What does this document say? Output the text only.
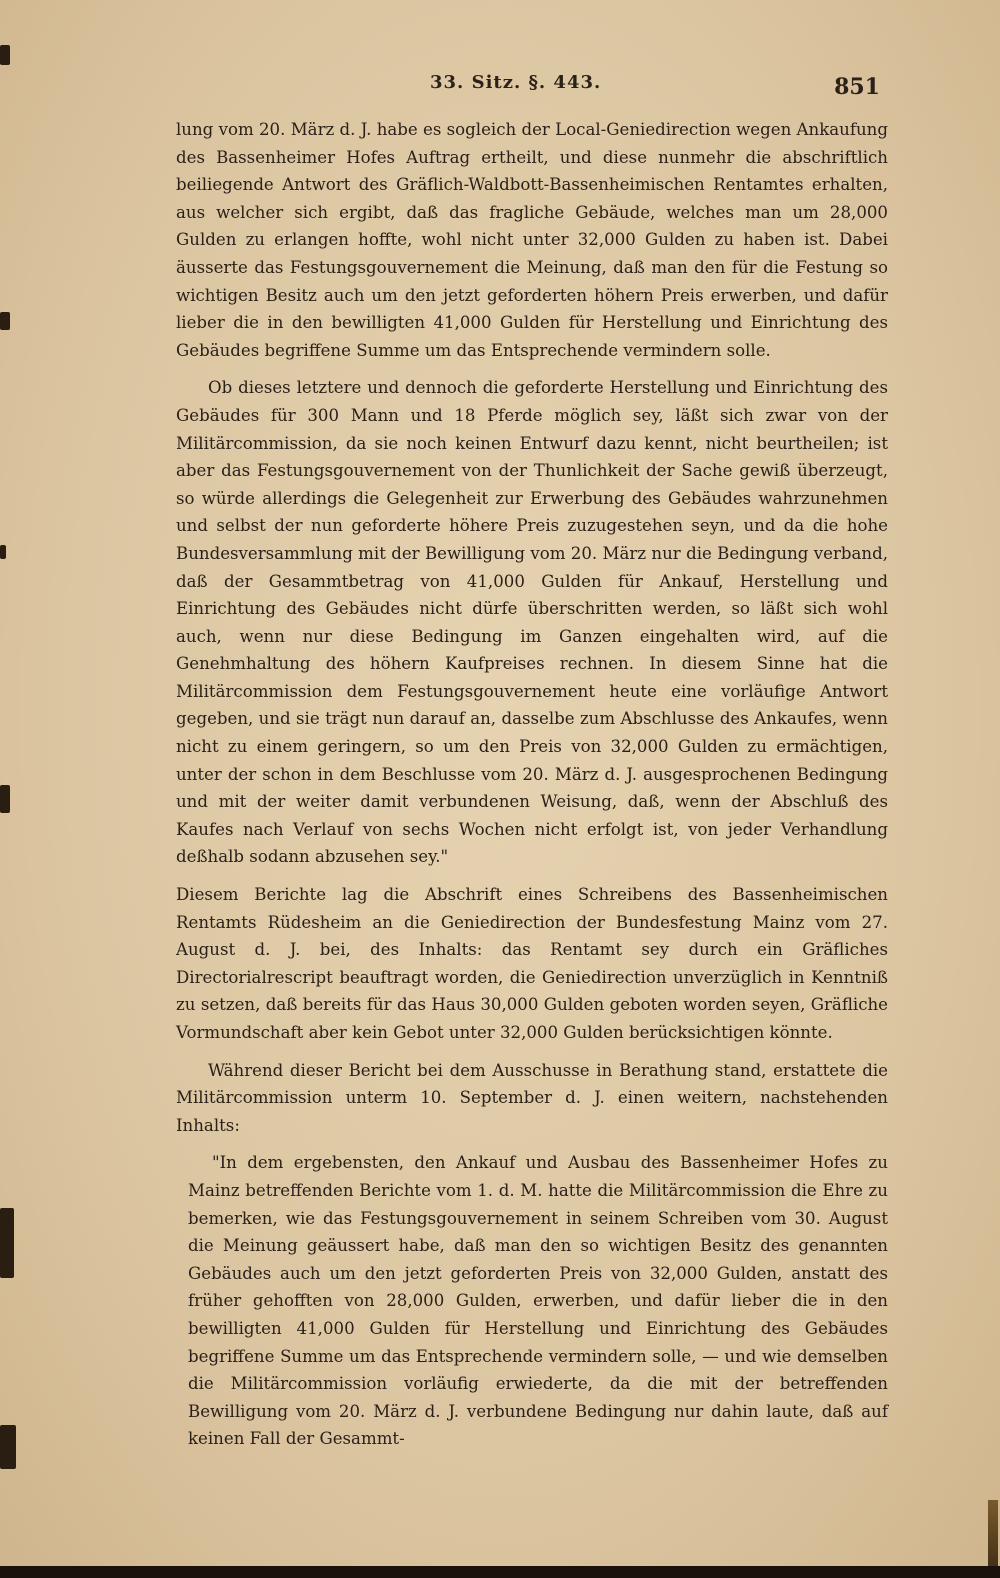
33. Sitz. §. 443.	851

lung vom 20. März d. J. habe es sogleich der Local-Geniedirection wegen Ankaufung des Bassenheimer Hofes Auftrag ertheilt, und diese nunmehr die abschriftlich beiliegende Antwort des Gräflich-Waldbott-Bassenheimischen Rentamtes erhalten, aus welcher sich ergibt, daß das fragliche Gebäude, welches man um 28,000 Gulden zu erlangen hoffte, wohl nicht unter 32,000 Gulden zu haben ist. Dabei äusserte das Festungsgouvernement die Meinung, daß man den für die Festung so wichtigen Besitz auch um den jetzt geforderten höhern Preis erwerben, und dafür lieber die in den bewilligten 41,000 Gulden für Herstellung und Einrichtung des Gebäudes begriffene Summe um das Entsprechende vermindern solle.

Ob dieses letztere und dennoch die geforderte Herstellung und Einrichtung des Gebäudes für 300 Mann und 18 Pferde möglich sey, läßt sich zwar von der Militärcommission, da sie noch keinen Entwurf dazu kennt, nicht beurtheilen; ist aber das Festungsgouvernement von der Thunlichkeit der Sache gewiß überzeugt, so würde allerdings die Gelegenheit zur Erwerbung des Gebäudes wahrzunehmen und selbst der nun geforderte höhere Preis zuzugestehen seyn, und da die hohe Bundesversammlung mit der Bewilligung vom 20. März nur die Bedingung verband, daß der Gesammtbetrag von 41,000 Gulden für Ankauf, Herstellung und Einrichtung des Gebäudes nicht dürfe überschritten werden, so läßt sich wohl auch, wenn nur diese Bedingung im Ganzen eingehalten wird, auf die Genehmhaltung des höhern Kaufpreises rechnen. In diesem Sinne hat die Militärcommission dem Festungsgouvernement heute eine vorläufige Antwort gegeben, und sie trägt nun darauf an, dasselbe zum Abschlusse des Ankaufes, wenn nicht zu einem geringern, so um den Preis von 32,000 Gulden zu ermächtigen, unter der schon in dem Beschlusse vom 20. März d. J. ausgesprochenen Bedingung und mit der weiter damit verbundenen Weisung, daß, wenn der Abschluß des Kaufes nach Verlauf von sechs Wochen nicht erfolgt ist, von jeder Verhandlung deßhalb sodann abzusehen sey."

Diesem Berichte lag die Abschrift eines Schreibens des Bassenheimischen Rentamts Rüdesheim an die Geniedirection der Bundesfestung Mainz vom 27. August d. J. bei, des Inhalts: das Rentamt sey durch ein Gräfliches Directorialrescript beauftragt worden, die Geniedirection unverzüglich in Kenntniß zu setzen, daß bereits für das Haus 30,000 Gulden geboten worden seyen, Gräfliche Vormundschaft aber kein Gebot unter 32,000 Gulden berücksichtigen könnte.

Während dieser Bericht bei dem Ausschusse in Berathung stand, erstattete die Militärcommission unterm 10. September d. J. einen weitern, nachstehenden Inhalts:

"In dem ergebensten, den Ankauf und Ausbau des Bassenheimer Hofes zu Mainz betreffenden Berichte vom 1. d. M. hatte die Militärcommission die Ehre zu bemerken, wie das Festungsgouvernement in seinem Schreiben vom 30. August die Meinung geäussert habe, daß man den so wichtigen Besitz des genannten Gebäudes auch um den jetzt geforderten Preis von 32,000 Gulden, anstatt des früher gehofften von 28,000 Gulden, erwerben, und dafür lieber die in den bewilligten 41,000 Gulden für Herstellung und Einrichtung des Gebäudes begriffene Summe um das Entsprechende vermindern solle, — und wie demselben die Militärcommission vorläufig erwiederte, da die mit der betreffenden Bewilligung vom 20. März d. J. verbundene Bedingung nur dahin laute, daß auf keinen Fall der Gesammt-
